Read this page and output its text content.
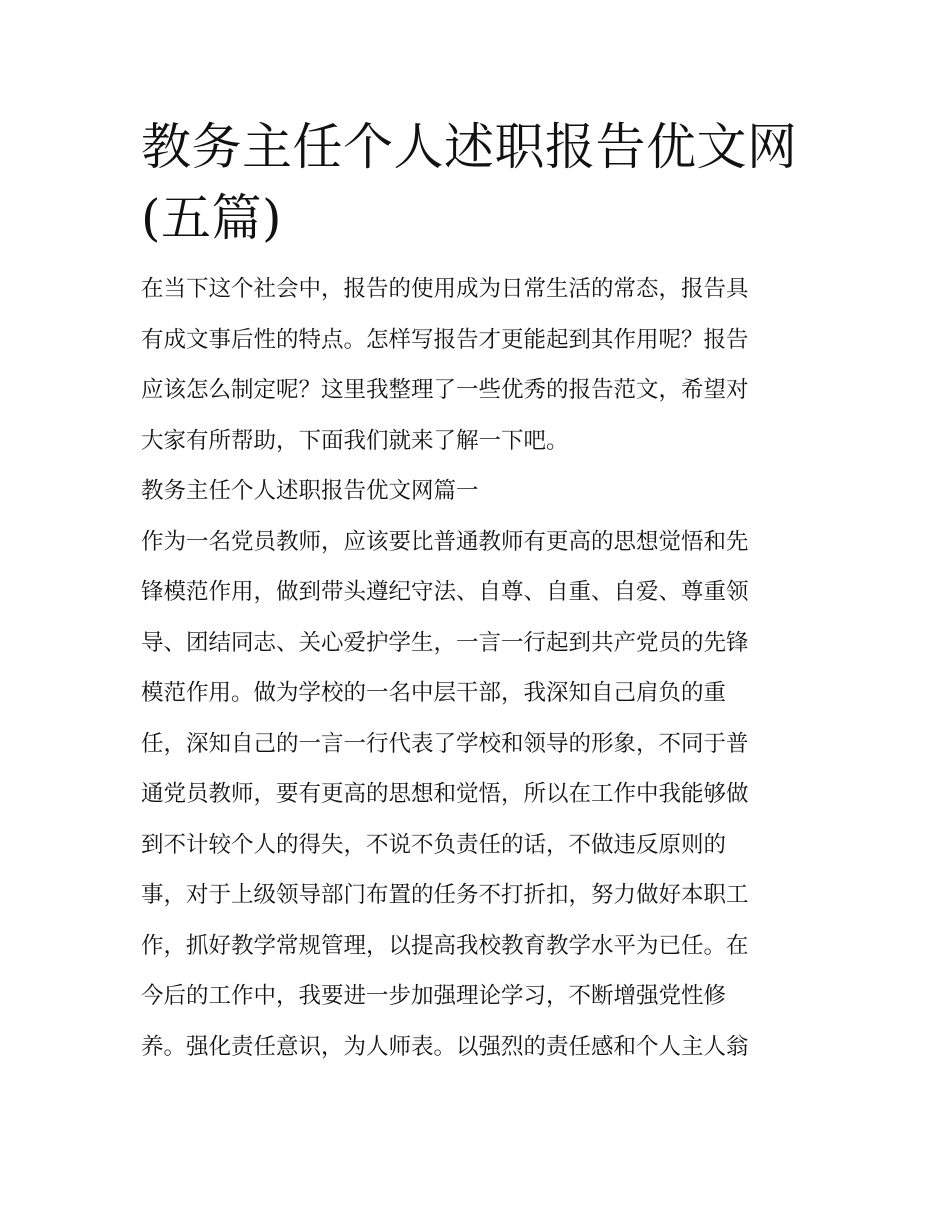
教务主任个人述职报告优文网
(五篇)
在当下这个社会中，报告的使用成为日常生活的常态，报告具
有成文事后性的特点。怎样写报告才更能起到其作用呢？报告
应该怎么制定呢？这里我整理了一些优秀的报告范文，希望对
大家有所帮助，下面我们就来了解一下吧。
教务主任个人述职报告优文网篇一
作为一名党员教师，应该要比普通教师有更高的思想觉悟和先
锋模范作用，做到带头遵纪守法、自尊、自重、自爱、尊重领
导、团结同志、关心爱护学生，一言一行起到共产党员的先锋
模范作用。做为学校的一名中层干部，我深知自己肩负的重
任，深知自己的一言一行代表了学校和领导的形象，不同于普
通党员教师，要有更高的思想和觉悟，所以在工作中我能够做
到不计较个人的得失，不说不负责任的话，不做违反原则的
事，对于上级领导部门布置的任务不打折扣，努力做好本职工
作，抓好教学常规管理，以提高我校教育教学水平为已任。在
今后的工作中，我要进一步加强理论学习，不断增强党性修
养。强化责任意识，为人师表。以强烈的责任感和个人主人翁
